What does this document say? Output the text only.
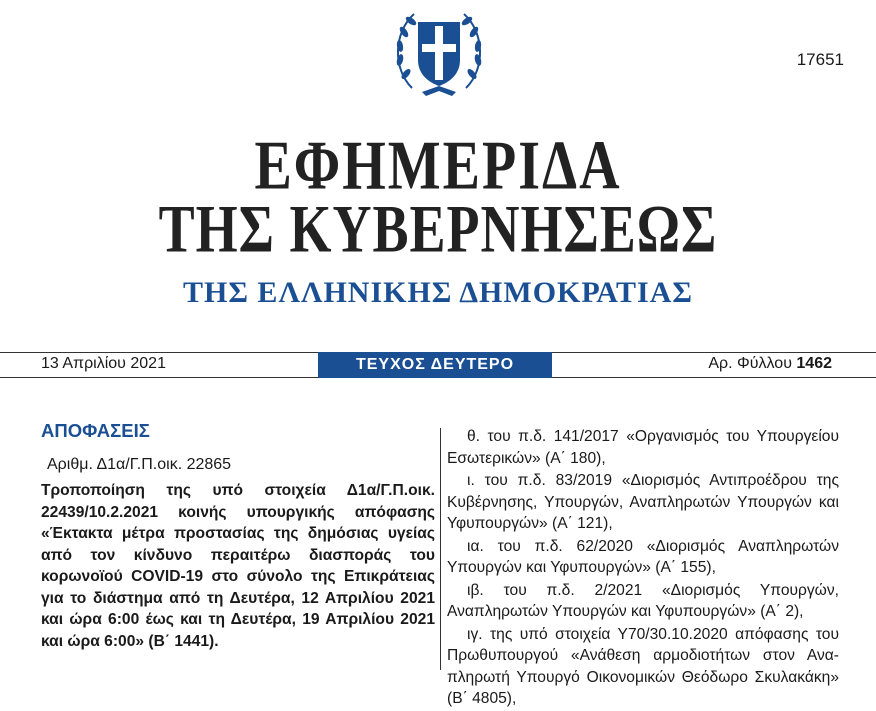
17651
ΕΦΗΜΕΡΙΔΑ
ΤΗΣ ΚΥΒΕΡΝΗΣΕΩΣ
ΤΗΣ ΕΛΛΗΝΙΚΗΣ ΔΗΜΟΚΡΑΤΙΑΣ
13 Απριλίου 2021	ΤΕΥΧΟΣ ΔΕΥΤΕΡΟ	Αρ. Φύλλου 1462
ΑΠΟΦΑΣΕΙΣ
Αριθμ. Δ1α/Γ.Π.οικ. 22865

Τροποποίηση της υπό στοιχεία Δ1α/Γ.Π.οικ. 22439/10.2.2021 κοινής υπουργικής απόφασης «Έκτακτα μέτρα προστασίας της δημόσιας υγείας από τον κίνδυνο περαιτέρω διασποράς του κορωνοϊού COVID-19 στο σύνολο της Επικράτειας για το διάστημα από τη Δευτέρα, 12 Απριλίου 2021 και ώρα 6:00 έως και τη Δευτέρα, 19 Απριλίου 2021 και ώρα 6:00» (Β΄ 1441).

θ. του π.δ. 141/2017 «Οργανισμός του Υπουργείου Εσωτερικών» (Α΄ 180),

ι. του π.δ. 83/2019 «Διορισμός Αντιπροέδρου της Κυβέρνησης, Υπουργών, Αναπληρωτών Υπουργών και Υφυπουργών» (Α΄ 121),

ια. του π.δ. 62/2020 «Διορισμός Αναπληρωτών Υπουργών και Υφυπουργών» (Α΄ 155),

ιβ. του π.δ. 2/2021 «Διορισμός Υπουργών, Αναπληρωτών Υπουργών και Υφυπουργών» (Α΄ 2),

ιγ. της υπό στοιχεία Υ70/30.10.2020 απόφασης του Πρωθυπουργού «Ανάθεση αρμοδιοτήτων στον Αναπληρωτή Υπουργό Οικονομικών Θεόδωρο Σκυλακάκη» (Β΄ 4805),
